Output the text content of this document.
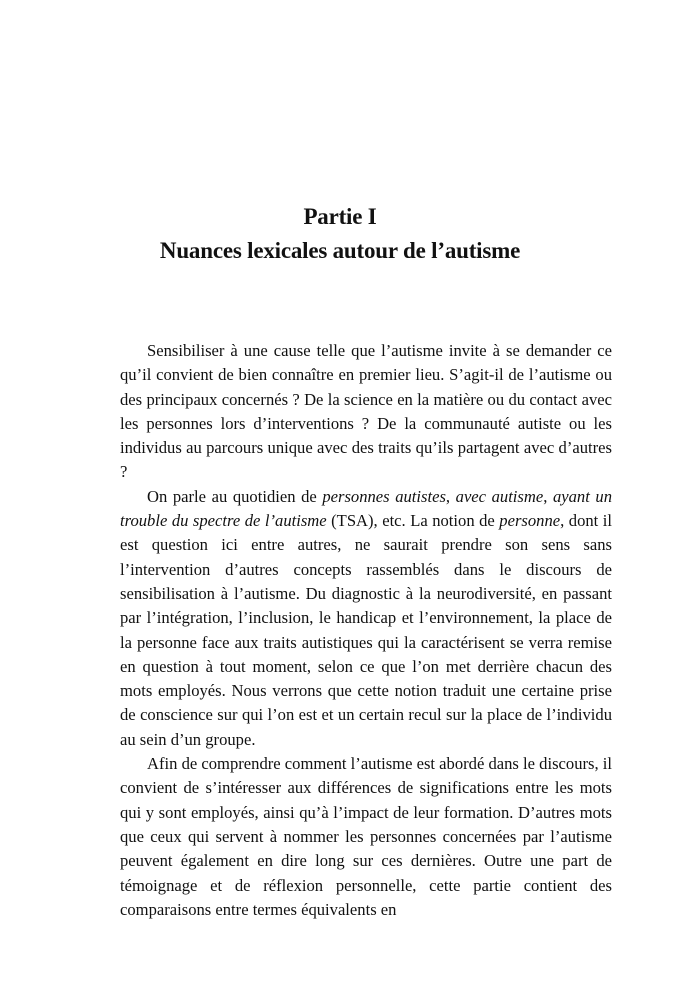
Partie I
Nuances lexicales autour de l’autisme

Sensibiliser à une cause telle que l’autisme invite à se demander ce qu’il convient de bien connaître en premier lieu. S’agit-il de l’autisme ou des principaux concernés ? De la science en la matière ou du contact avec les personnes lors d’interventions ? De la communauté autiste ou les individus au parcours unique avec des traits qu’ils partagent avec d’autres ?

On parle au quotidien de personnes autistes, avec autisme, ayant un trouble du spectre de l’autisme (TSA), etc. La notion de personne, dont il est question ici entre autres, ne saurait prendre son sens sans l’intervention d’autres concepts rassemblés dans le discours de sensibilisation à l’autisme. Du diagnostic à la neurodiversité, en passant par l’intégration, l’inclusion, le handicap et l’environnement, la place de la personne face aux traits autistiques qui la caractérisent se verra remise en question à tout moment, selon ce que l’on met derrière chacun des mots employés. Nous verrons que cette notion traduit une certaine prise de conscience sur qui l’on est et un certain recul sur la place de l’individu au sein d’un groupe.

Afin de comprendre comment l’autisme est abordé dans le discours, il convient de s’intéresser aux différences de significations entre les mots qui y sont employés, ainsi qu’à l’impact de leur formation. D’autres mots que ceux qui servent à nommer les personnes concernées par l’autisme peuvent également en dire long sur ces dernières. Outre une part de témoignage et de réflexion personnelle, cette partie contient des comparaisons entre termes équivalents en
